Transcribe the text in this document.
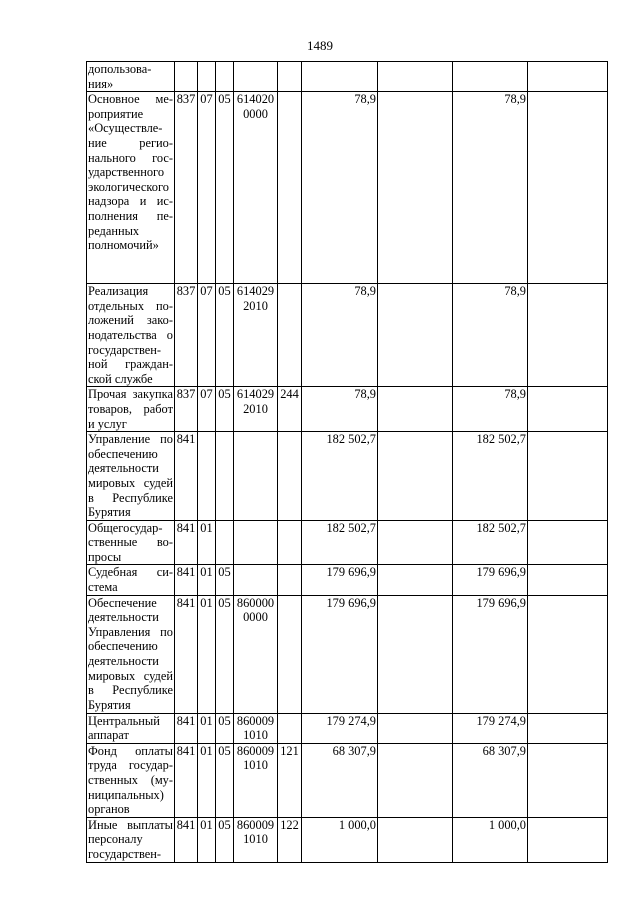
1489
допользова-ния»									
Основное ме-роприятие «Осуществле-ние регио-нального гос-ударственного экологического надзора и ис-полнения пе-реданных полномочий»	837	07	05	6140200000		78,9		78,9	
Реализация отдельных по-ложений зако-нодательства о государствен-ной граждан-ской службе	837	07	05	6140292010		78,9		78,9	
Прочая закупка товаров, работ и услуг	837	07	05	6140292010	244	78,9		78,9	
Управление по обеспечению деятельности мировых судей в Республике Бурятия	841					182 502,7		182 502,7	
Общегосудар-ственные во-просы	841	01				182 502,7		182 502,7	
Судебная си-стема	841	01	05			179 696,9		179 696,9	
Обеспечение деятельности Управления по обеспечению деятельности мировых судей в Республике Бурятия	841	01	05	8600000000		179 696,9		179 696,9	
Центральный аппарат	841	01	05	8600091010		179 274,9		179 274,9	
Фонд оплаты труда государ-ственных (му-ниципальных) органов	841	01	05	8600091010	121	68 307,9		68 307,9	
Иные выплаты персоналу государствен-	841	01	05	8600091010	122	1 000,0		1 000,0	
